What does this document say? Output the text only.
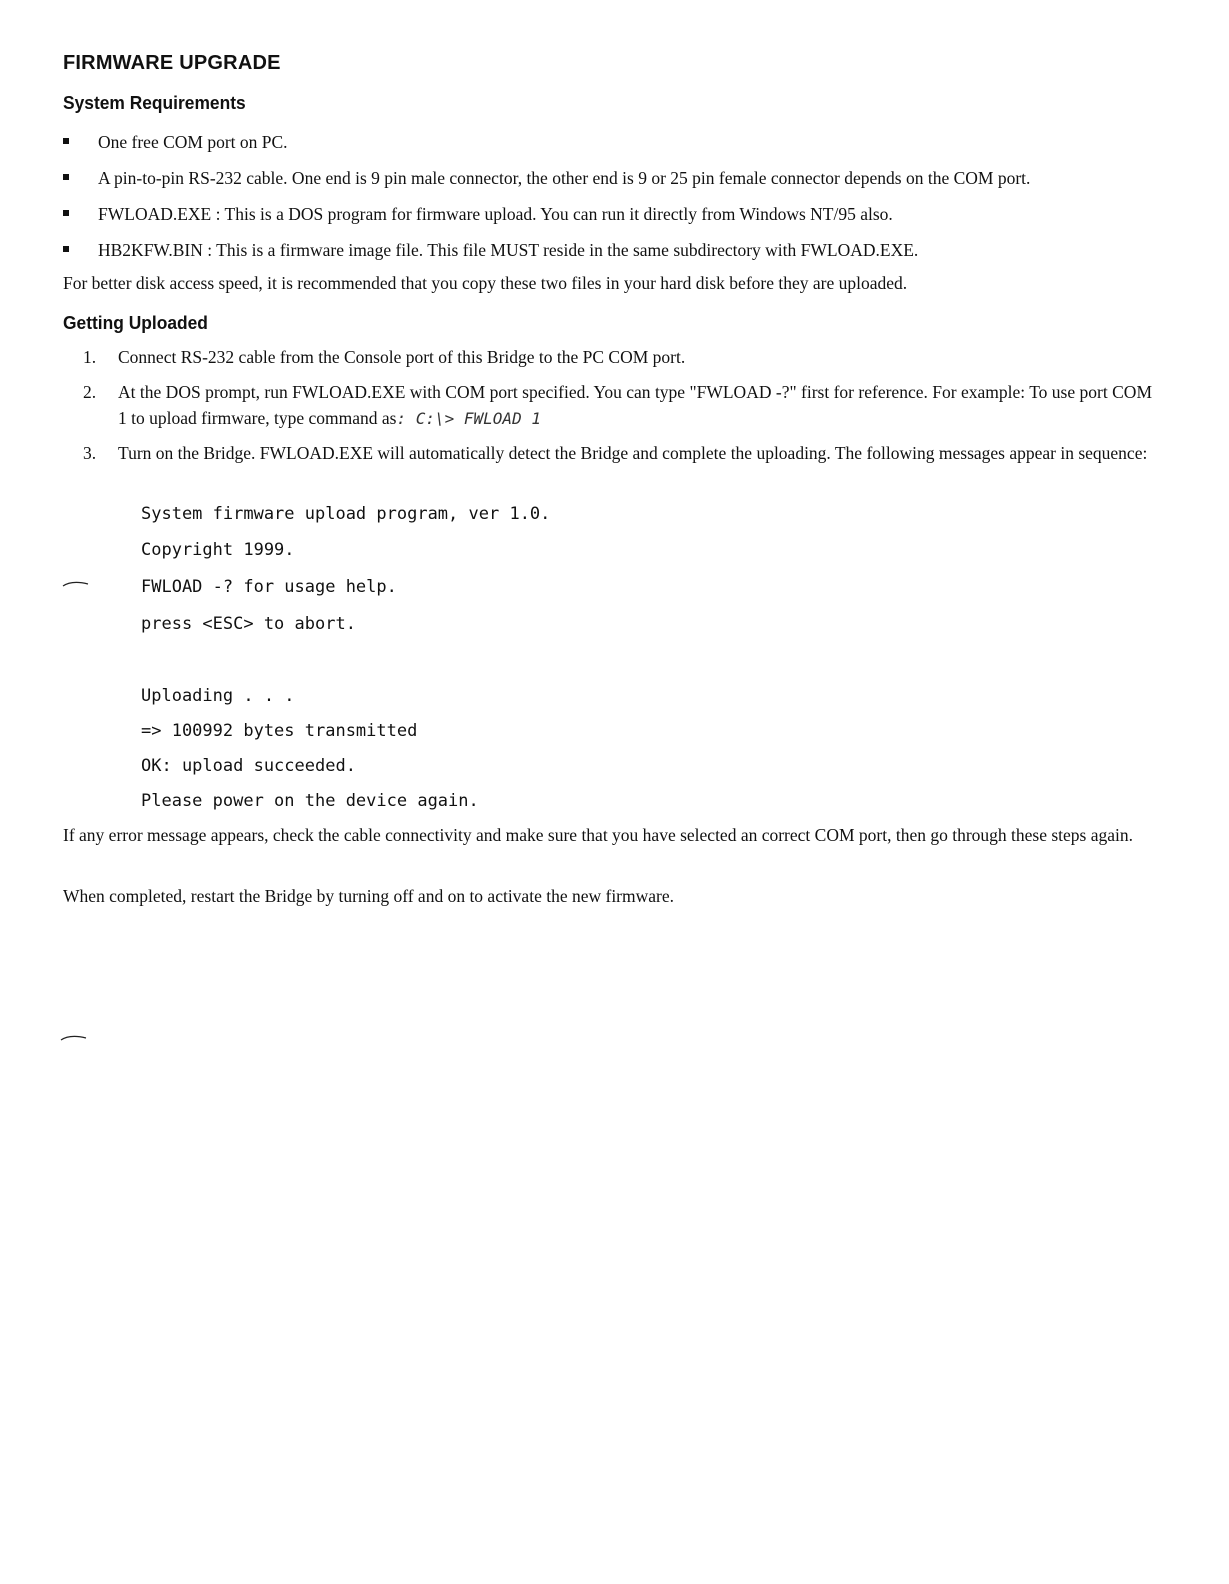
FIRMWARE UPGRADE
System Requirements
One free COM port on PC.
A pin-to-pin RS-232 cable. One end is 9 pin male connector, the other end is 9 or 25 pin female connector depends on the COM port.
FWLOAD.EXE : This is a DOS program for firmware upload. You can run it directly from Windows NT/95 also.
HB2KFW.BIN : This is a firmware image file. This file MUST reside in the same subdirectory with FWLOAD.EXE.

For better disk access speed, it is recommended that you copy these two files in your hard disk before they are uploaded.

Getting Uploaded
1. Connect RS-232 cable from the Console port of this Bridge to the PC COM port.
2. At the DOS prompt, run FWLOAD.EXE with COM port specified. You can type "FWLOAD -?" first for reference. For example: To use port COM 1 to upload firmware, type command as: C:\> FWLOAD 1
3. Turn on the Bridge. FWLOAD.EXE will automatically detect the Bridge and complete the uploading. The following messages appear in sequence:
System firmware upload program, ver 1.0.
Copyright 1999.
FWLOAD -? for usage help.
press <ESC> to abort.
Uploading . . .
=> 100992 bytes transmitted
OK: upload succeeded.
Please power on the device again.

If any error message appears, check the cable connectivity and make sure that you have selected an correct COM port, then go through these steps again.

When completed, restart the Bridge by turning off and on to activate the new firmware.
